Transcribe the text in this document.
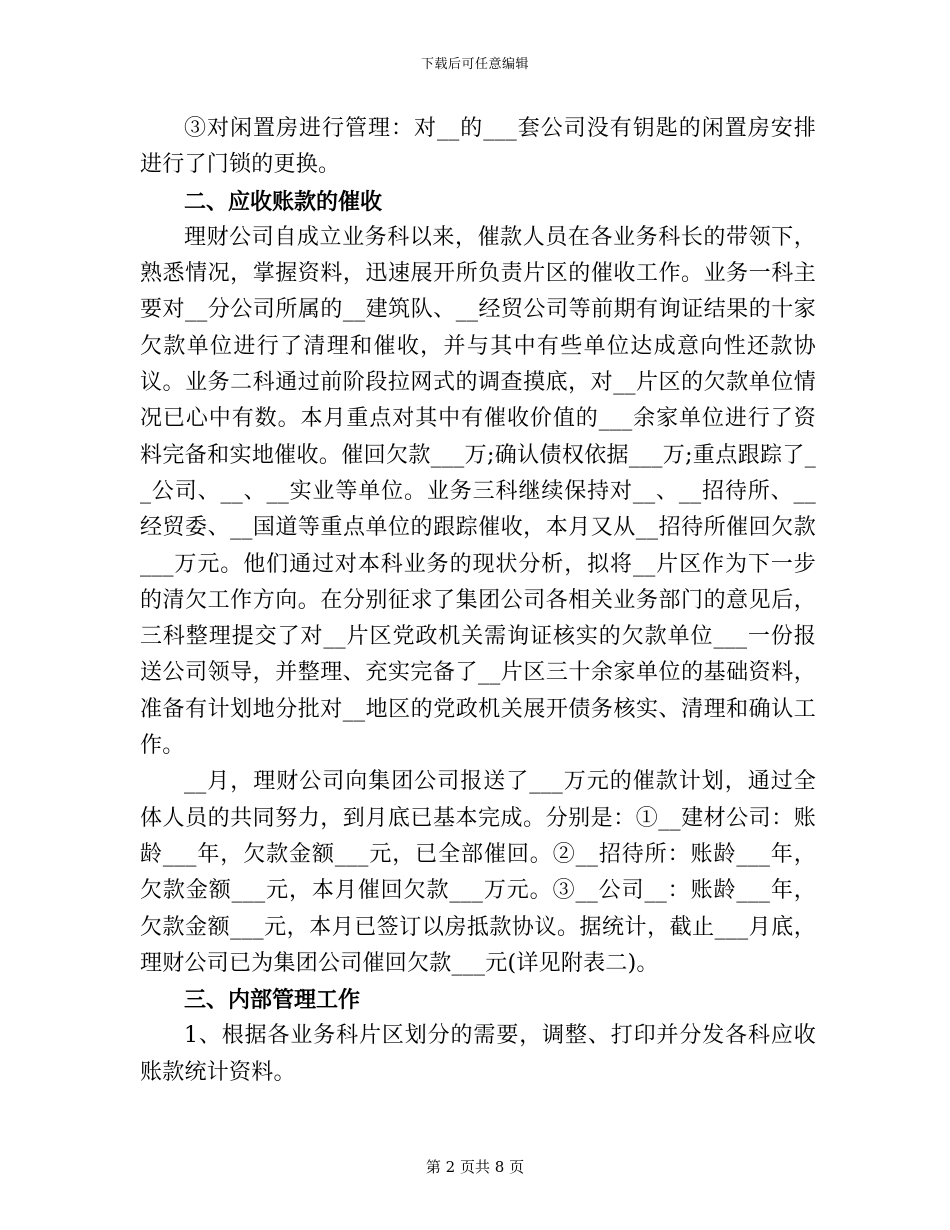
下载后可任意编辑

③对闲置房进行管理：对__的___套公司没有钥匙的闲置房安排进行了门锁的更换。

二、应收账款的催收

理财公司自成立业务科以来，催款人员在各业务科长的带领下，熟悉情况，掌握资料，迅速展开所负责片区的催收工作。业务一科主要对__分公司所属的__建筑队、__经贸公司等前期有询证结果的十家欠款单位进行了清理和催收，并与其中有些单位达成意向性还款协议。业务二科通过前阶段拉网式的调查摸底，对__片区的欠款单位情况已心中有数。本月重点对其中有催收价值的___余家单位进行了资料完备和实地催收。催回欠款___万;确认债权依据___万;重点跟踪了__公司、__、__实业等单位。业务三科继续保持对__、__招待所、__经贸委、__国道等重点单位的跟踪催收，本月又从__招待所催回欠款___万元。他们通过对本科业务的现状分析，拟将__片区作为下一步的清欠工作方向。在分别征求了集团公司各相关业务部门的意见后，三科整理提交了对__片区党政机关需询证核实的欠款单位___一份报送公司领导，并整理、充实完备了__片区三十余家单位的基础资料，准备有计划地分批对__地区的党政机关展开债务核实、清理和确认工作。

__月，理财公司向集团公司报送了___万元的催款计划，通过全体人员的共同努力，到月底已基本完成。分别是：①__建材公司：账龄___年，欠款金额___元，已全部催回。②__招待所：账龄___年，欠款金额___元，本月催回欠款___万元。③__公司__：账龄___年，欠款金额___元，本月已签订以房抵款协议。据统计，截止___月底，理财公司已为集团公司催回欠款___元(详见附表二)。

三、内部管理工作

1、根据各业务科片区划分的需要，调整、打印并分发各科应收账款统计资料。

第 2 页共 8 页
